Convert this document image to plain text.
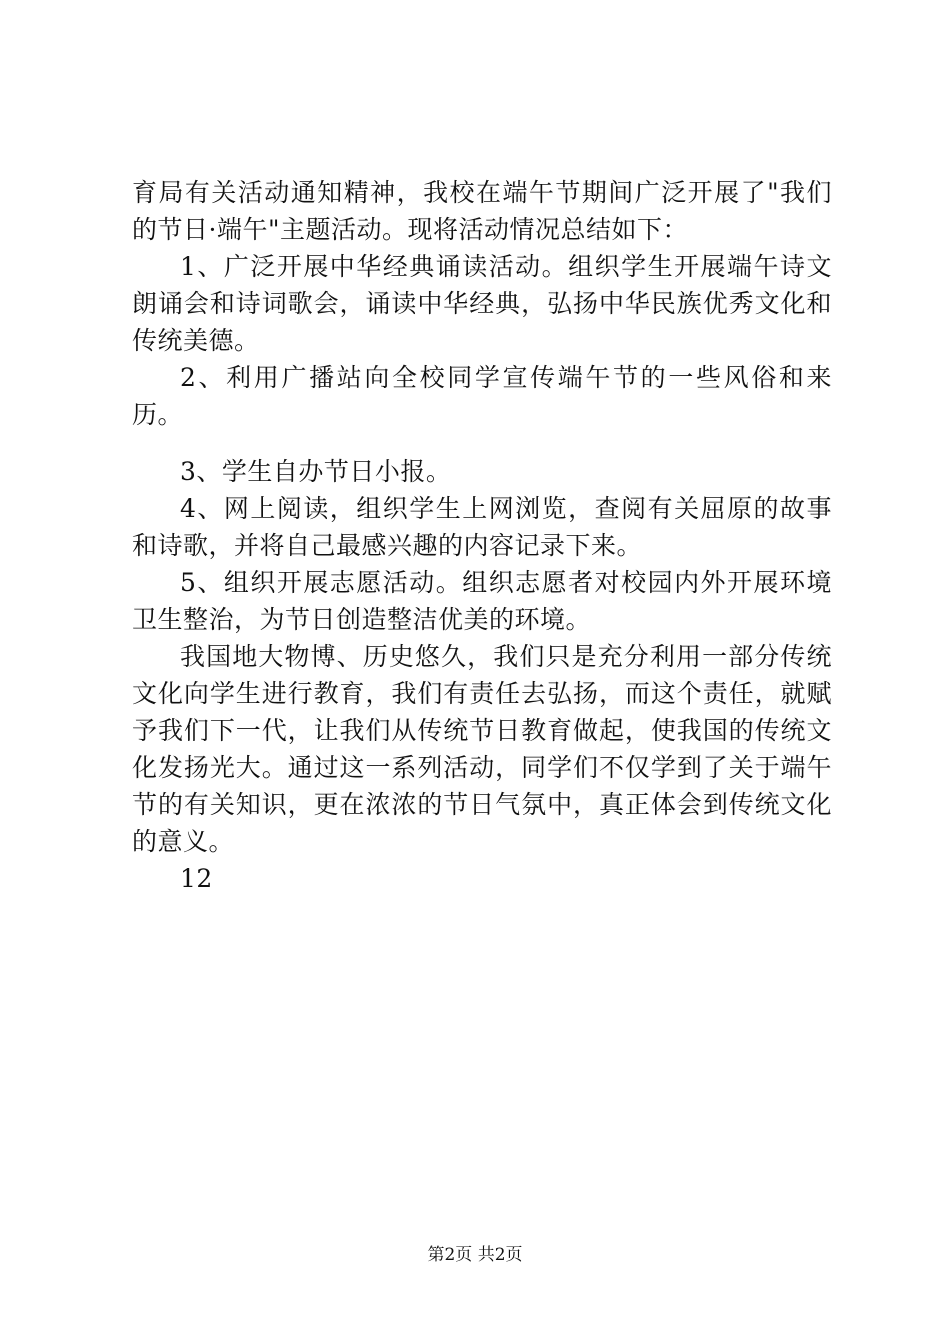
育局有关活动通知精神，我校在端午节期间广泛开展了"我们的节日·端午"主题活动。现将活动情况总结如下：

1、广泛开展中华经典诵读活动。组织学生开展端午诗文朗诵会和诗词歌会，诵读中华经典，弘扬中华民族优秀文化和传统美德。

2、利用广播站向全校同学宣传端午节的一些风俗和来历。

3、学生自办节日小报。

4、网上阅读，组织学生上网浏览，查阅有关屈原的故事和诗歌，并将自己最感兴趣的内容记录下来。

5、组织开展志愿活动。组织志愿者对校园内外开展环境卫生整治，为节日创造整洁优美的环境。

我国地大物博、历史悠久，我们只是充分利用一部分传统文化向学生进行教育，我们有责任去弘扬，而这个责任，就赋予我们下一代，让我们从传统节日教育做起，使我国的传统文化发扬光大。通过这一系列活动，同学们不仅学到了关于端午节的有关知识，更在浓浓的节日气氛中，真正体会到传统文化的意义。

12

第2页 共2页
